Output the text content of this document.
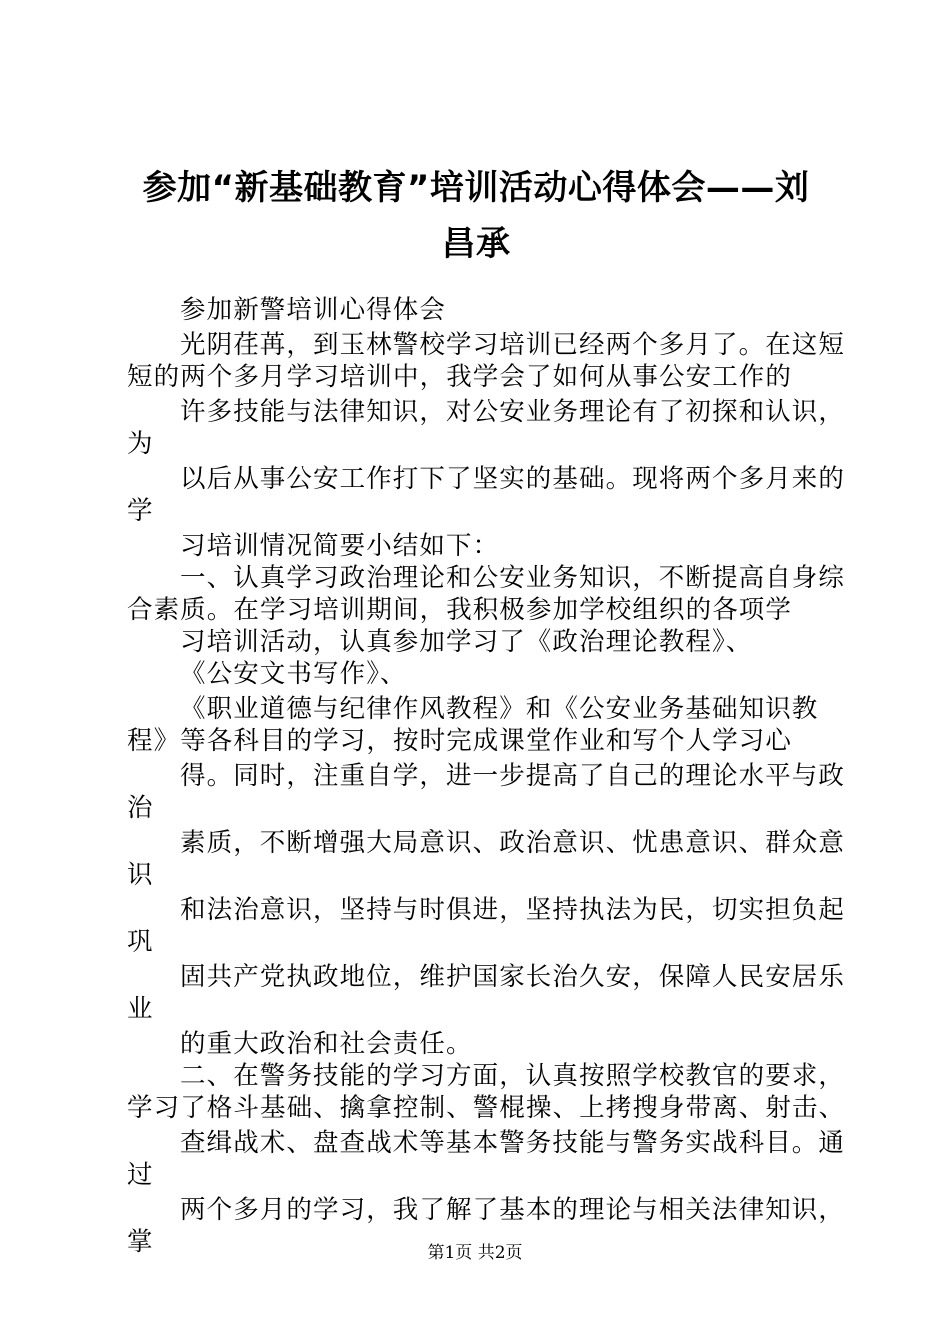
参加“新基础教育”培训活动心得体会——刘
昌承
参加新警培训心得体会
光阴荏苒，到玉林警校学习培训已经两个多月了。在这短
短的两个多月学习培训中，我学会了如何从事公安工作的
许多技能与法律知识，对公安业务理论有了初探和认识，
为
以后从事公安工作打下了坚实的基础。现将两个多月来的
学
习培训情况简要小结如下：
一、认真学习政治理论和公安业务知识，不断提高自身综
合素质。在学习培训期间，我积极参加学校组织的各项学
习培训活动，认真参加学习了《政治理论教程》、
《公安文书写作》、
《职业道德与纪律作风教程》和《公安业务基础知识教
程》等各科目的学习，按时完成课堂作业和写个人学习心
得。同时，注重自学，进一步提高了自己的理论水平与政
治
素质，不断增强大局意识、政治意识、忧患意识、群众意
识
和法治意识，坚持与时俱进，坚持执法为民，切实担负起
巩
固共产党执政地位，维护国家长治久安，保障人民安居乐
业
的重大政治和社会责任。
二、在警务技能的学习方面，认真按照学校教官的要求，
学习了格斗基础、擒拿控制、警棍操、上拷搜身带离、射击、
查缉战术、盘查战术等基本警务技能与警务实战科目。通
过
两个多月的学习，我了解了基本的理论与相关法律知识，
掌	第1页 共2页
